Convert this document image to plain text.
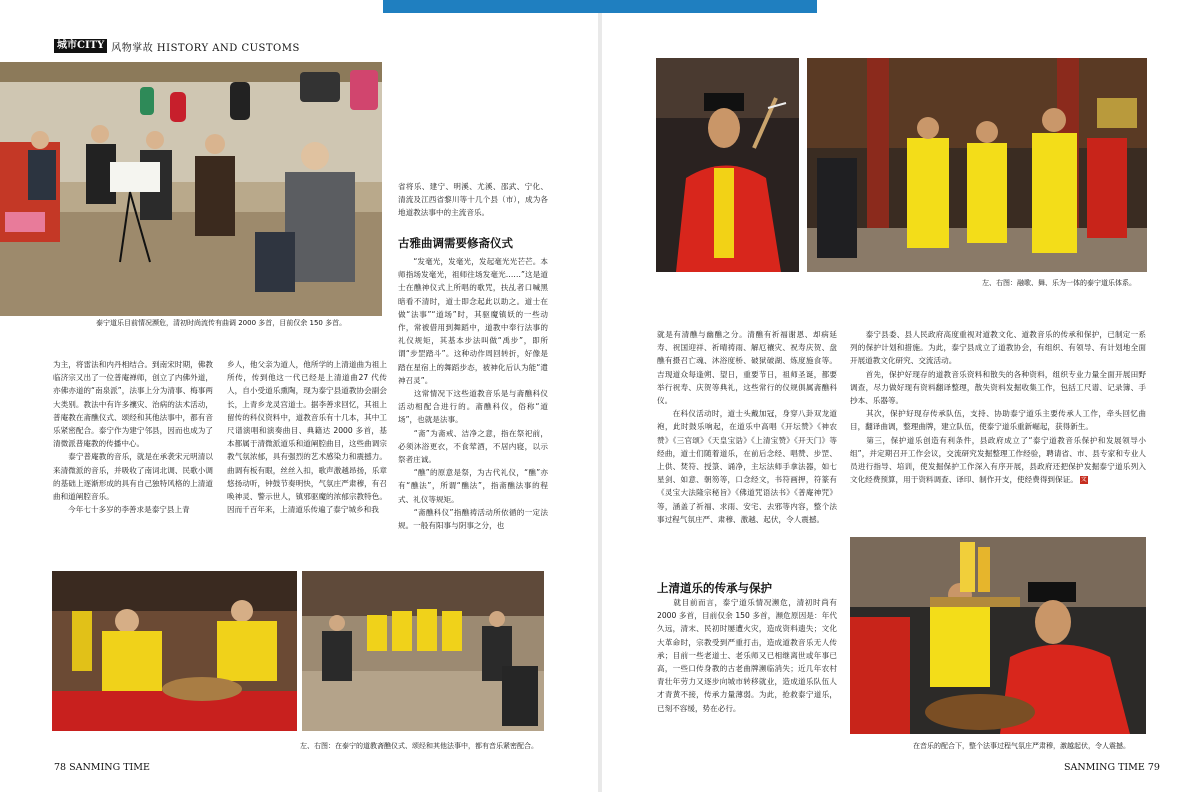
城市CITY 风物掌故 HISTORY AND CUSTOMS
泰宁道乐目前情况濒危，清初时尚流传有曲调 2000 多首，目前仅余 150 多首。
为主，将雷法和内丹相结合。到南宋时期，佛教临济宗又出了一位普庵禅师，创立了内佛外道，亦佛亦道的“南泉派”，法事上分为清事、梅事两大类别。教法中有许多禳灾、治病的法术活动，普庵教在斋醮仪式、颂经和其他法事中，都有音乐紧密配合。泰宁作为建宁邻县，因而也成为了清微派普庵教的传播中心。
　　泰宁普庵教的音乐，就是在承袭宋元明清以来清微派的音乐，并吸收了南词北调、民歌小调的基础上逐渐形成的具有自己独特风格的上清道曲和道阐腔音乐。
　　今年七十多岁的李善求是泰宁县上青
乡人，他父亲为道人，他所学的上清道曲为祖上所传，传到他这一代已经是上清道曲27 代传人，自小受道乐熏陶，现为泰宁县道教协会副会长，上青乡龙灵宫道士。据李善求回忆，其祖上留传的科仪资料中，道教音乐有十几本，其中工尺谱演唱和演奏曲目、典籍达 2000 多首，基本都属于清微派道乐和道阐腔曲目，这些曲调宗教气氛浓郁，具有强烈的艺术感染力和震撼力。曲调有板有眼，丝丝入扣，歌声激越昂扬，乐章悠扬动听，钟鼓节奏明快，气氛庄严肃穆，有召唤神灵、警示世人，镇邪驱魔的浓郁宗教特色。因而千百年来，上清道乐传遍了泰宁城乡和我
省将乐、建宁、明溪、尤溪、邵武、宁化、清流及江西省黎川等十几个县（市），成为各地道教法事中的主流音乐。
古雅曲调需要修斋仪式
　　“发毫光，发毫光，发起毫光光芒芒。本师指场发毫光，祖师往场发毫光……”这是道士在醮神仪式上所唱的歌咒，扶乩者口喊黑暗看不清时，道士即念起此以助之。道士在做“法事”“道场”时，其驱魔镇妖的一些动作，常被借用到舞蹈中，道教中奉行法事的礼仪规矩，其基本步法叫做“禹步”，即所谓“步罡踏斗”。这种动作周回转折，好像是踏在星宿上的舞蹈步态，被神化后认为能“遣神召灵”。
　　这常情况下这些道教音乐是与斋醮科仪活动相配合进行的。斋醮科仪，俗称“道场”，也就是法事。
　　“斋”为斋戒、洁净之意，指在祭祀前，必须沐浴更衣，不食荤酒，不居内寝，以示祭者庄诚。
　　“醮”的原意是祭，为古代礼仪，“醮”亦有“醮法”，所谓“醮法”，指斋醮法事的程式、礼仪等规矩。
　　“斋醮科仪”指醮祷活动所依循的一定法规。一般有阳事与阴事之分，也
左、右图：在泰宁的道教斋醮仪式、颂经和其他法事中，都有音乐紧密配合。
78 SANMING TIME
左、右图：融歌、舞、乐为一体的泰宁道乐体系。
就是有清醮与幽醮之分。清醮有祈福谢恩、却病延寿、祝国迎祥、祈晴祷雨、解厄禳灾、祝寿庆贺、盘醮有摄召亡魂、沐浴度桥、破狱破湖、炼度施食等。吉现道众每逢朔、望日，重要节日，祖师圣诞，都要举行祝寿、庆贺等典礼，这些常行的仪规俱属斋醮科仪。
　　在科仪活动时，道士头戴加冠，身穿八卦双龙道袍，此时鼓乐响起，在道乐中高唱《开坛赞》《神农赞》《三官颂》《天皇宝诰》《上清宝赞》《开天门》等经曲，道士们随着道乐，在前后念经、唱赞、步罡、上供、焚符、授箓、诵净，主坛法师手拿法器，如七星剑、如意、朝笏等，口念经文，书符画押，符篆有《灵宝大法隆宗秘旨》《佛道咒语法书》《普庵神咒》等，涵盖了祈福、求雨、安宅、去邪等内容，整个法事过程气氛庄严、肃穆、激越、起伏，令人震撼。
上清道乐的传承与保护
　　就目前而言，泰宁道乐情况濒危，清初时尚有 2000 多首，目前仅余 150 多首，濒危原因是：年代久远，清末、民初时屡遭火灾，造成资料遗失；文化大革命时，宗教受到严重打击，造成道教音乐无人传承；目前一些老道士、老乐师又已相继离世或年事已高，一些口传身教的古老曲牌濒临消失；近几年农村青壮年劳力又逐步向城市转移就业，造成道乐队伍人才青黄不接，传承力量薄弱。为此，抢救泰宁道乐，已刻不容缓，势在必行。
　　泰宁县委、县人民政府高度重视对道教文化、道教音乐的传承和保护，已制定一系列的保护计划和措施。为此，泰宁县成立了道教协会，有组织、有领导、有计划地全面开展道教文化研究、交流活动。
　　首先，保护好现存的道教音乐资料和散失的各种资料，组织专业力量全面开展田野调查，尽力做好现有资料翻译整理，散失资料发掘收集工作，包括工尺谱、记录簿、手抄本、乐器等。
　　其次，保护好现存传承队伍，支持、协助泰宁道乐主要传承人工作，牵头回忆曲目，翻译曲调，整理曲牌，建立队伍，使泰宁道乐重新崛起，获得新生。
　　第三，保护道乐创造有利条件，县政府成立了“泰宁道教音乐保护和发展领导小组”，并定期召开工作会议，交流研究发掘整理工作经验，聘请省、市、县专家和专业人员进行指导、培训，使发掘保护工作深入有序开展，县政府还把保护发掘泰宁道乐列入文化经费预算，用于资料调查、译印、制作开支，使经费得到保证。 文
在音乐的配合下，整个法事过程气氛庄严肃穆，激越起伏，令人震撼。
SANMING TIME 79
